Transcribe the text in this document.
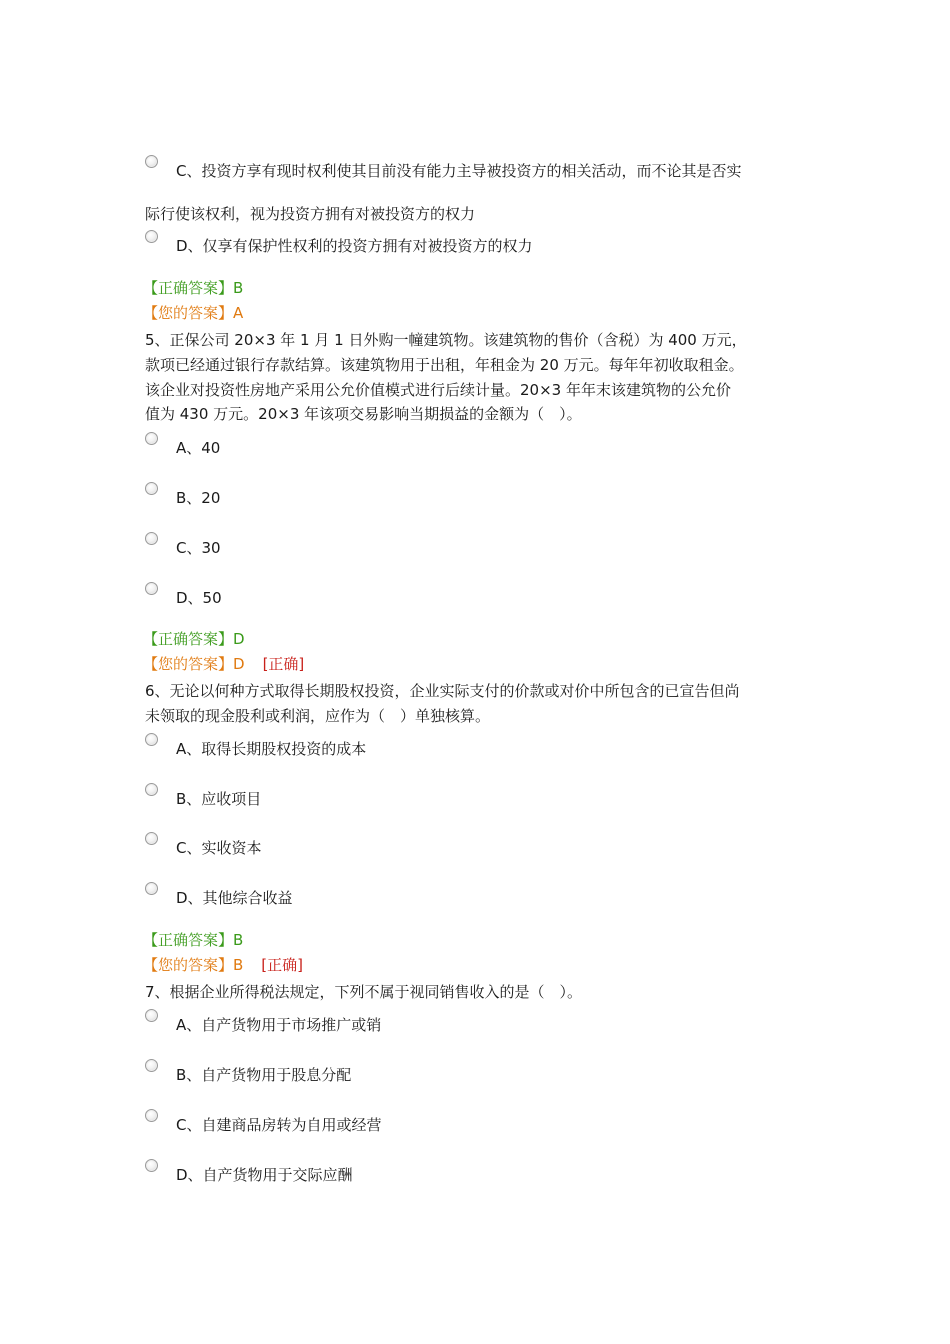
C、投资方享有现时权利使其目前没有能力主导被投资方的相关活动，而不论其是否实
际行使该权利，视为投资方拥有对被投资方的权力
D、仅享有保护性权利的投资方拥有对被投资方的权力
【正确答案】B
【您的答案】A
5、正保公司 20×3 年 1 月 1 日外购一幢建筑物。该建筑物的售价（含税）为 400 万元，
款项已经通过银行存款结算。该建筑物用于出租，年租金为 20 万元。每年年初收取租金。
该企业对投资性房地产采用公允价值模式进行后续计量。20×3 年年末该建筑物的公允价
值为 430 万元。20×3 年该项交易影响当期损益的金额为（　）。
A、40
B、20
C、30
D、50
【正确答案】D
【您的答案】D [正确]
6、无论以何种方式取得长期股权投资，企业实际支付的价款或对价中所包含的已宣告但尚
未领取的现金股利或利润，应作为（　）单独核算。
A、取得长期股权投资的成本
B、应收项目
C、实收资本
D、其他综合收益
【正确答案】B
【您的答案】B [正确]
7、根据企业所得税法规定，下列不属于视同销售收入的是（　）。
A、自产货物用于市场推广或销
B、自产货物用于股息分配
C、自建商品房转为自用或经营
D、自产货物用于交际应酬
